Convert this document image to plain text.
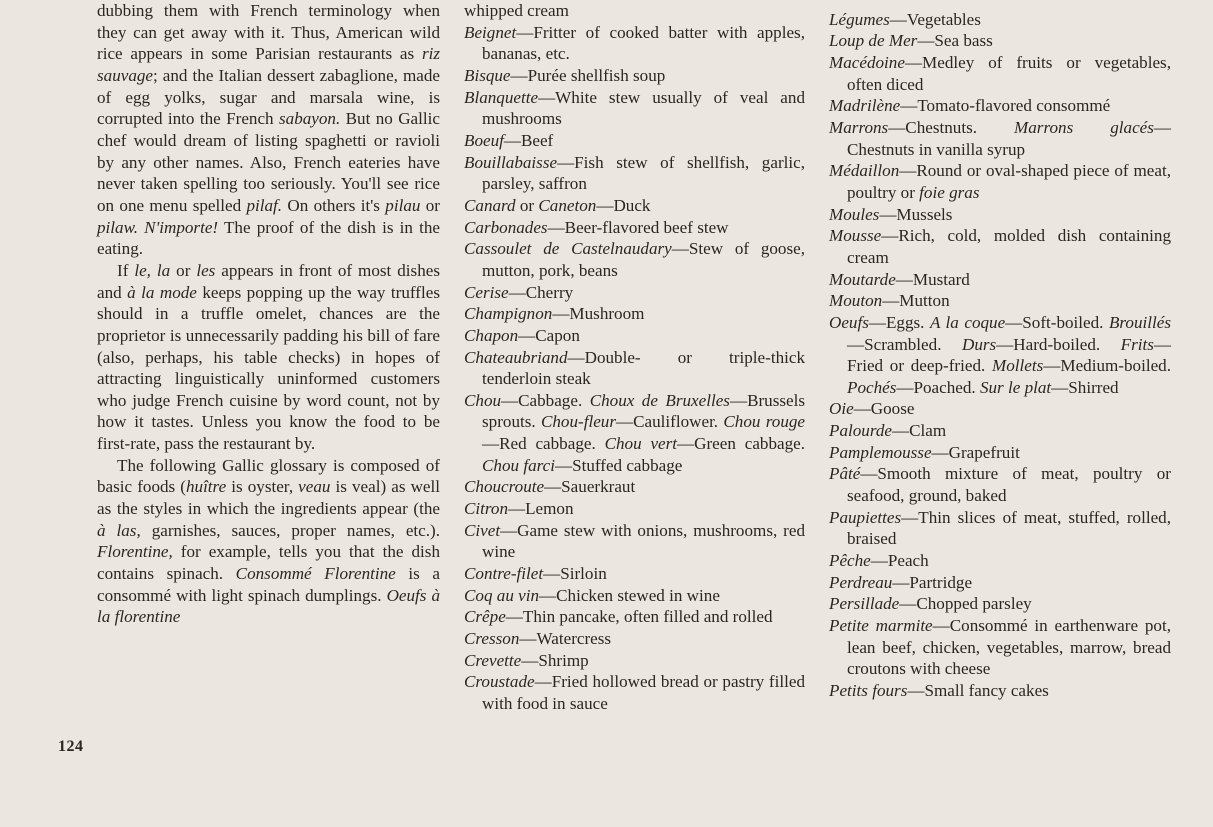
dubbing them with French terminology when they can get away with it. Thus, American wild rice appears in some Parisian restaurants as riz sauvage; and the Italian dessert zabaglione, made of egg yolks, sugar and marsala wine, is corrupted into the French sabayon. But no Gallic chef would dream of listing spaghetti or ravioli by any other names. Also, French eateries have never taken spelling too seriously. You'll see rice on one menu spelled pilaf. On others it's pilau or pilaw. N'importe! The proof of the dish is in the eating.

If le, la or les appears in front of most dishes and à la mode keeps popping up the way truffles should in a truffle omelet, chances are the proprietor is unnecessarily padding his bill of fare (also, perhaps, his table checks) in hopes of attracting linguistically uninformed customers who judge French cuisine by word count, not by how it tastes. Unless you know the food to be first-rate, pass the restaurant by.

The following Gallic glossary is composed of basic foods (huître is oyster, veau is veal) as well as the styles in which the ingredients appear (the à las, garnishes, sauces, proper names, etc.). Florentine, for example, tells you that the dish contains spinach. Consommé Florentine is a consommé with light spinach dumplings. Oeufs à la florentine

whipped cream
Beignet—Fritter of cooked batter with apples, bananas, etc.
Bisque—Purée shellfish soup
Blanquette—White stew usually of veal and mushrooms
Boeuf—Beef
Bouillabaisse—Fish stew of shellfish, garlic, parsley, saffron
Canard or Caneton—Duck
Carbonades—Beer-flavored beef stew
Cassoulet de Castelnaudary—Stew of goose, mutton, pork, beans
Cerise—Cherry
Champignon—Mushroom
Chapon—Capon
Chateaubriand—Double- or triple-thick tenderloin steak
Chou—Cabbage. Choux de Bruxelles—Brussels sprouts. Chou-fleur—Cauliflower. Chou rouge—Red cabbage. Chou vert—Green cabbage. Chou farci—Stuffed cabbage
Choucroute—Sauerkraut
Citron—Lemon
Civet—Game stew with onions, mushrooms, red wine
Contre-filet—Sirloin
Coq au vin—Chicken stewed in wine
Crêpe—Thin pancake, often filled and rolled
Cresson—Watercress
Crevette—Shrimp
Croustade—Fried hollowed bread or pastry filled with food in sauce
Légumes—Vegetables
Loup de Mer—Sea bass
Macédoine—Medley of fruits or vegetables, often diced
Madrilène—Tomato-flavored consommé
Marrons—Chestnuts. Marrons glacés—Chestnuts in vanilla syrup
Médaillon—Round or oval-shaped piece of meat, poultry or foie gras
Moules—Mussels
Mousse—Rich, cold, molded dish containing cream
Moutarde—Mustard
Mouton—Mutton
Oeufs—Eggs. A la coque—Soft-boiled. Brouillés—Scrambled. Durs—Hard-boiled. Frits—Fried or deep-fried. Mollets—Medium-boiled. Pochés—Poached. Sur le plat—Shirred
Oie—Goose
Palourde—Clam
Pamplemousse—Grapefruit
Pâté—Smooth mixture of meat, poultry or seafood, ground, baked
Paupiettes—Thin slices of meat, stuffed, rolled, braised
Pêche—Peach
Perdreau—Partridge
Persillade—Chopped parsley
Petite marmite—Consommé in earthenware pot, lean beef, chicken, vegetables, marrow, bread croutons with cheese
Petits fours—Small fancy cakes
124
